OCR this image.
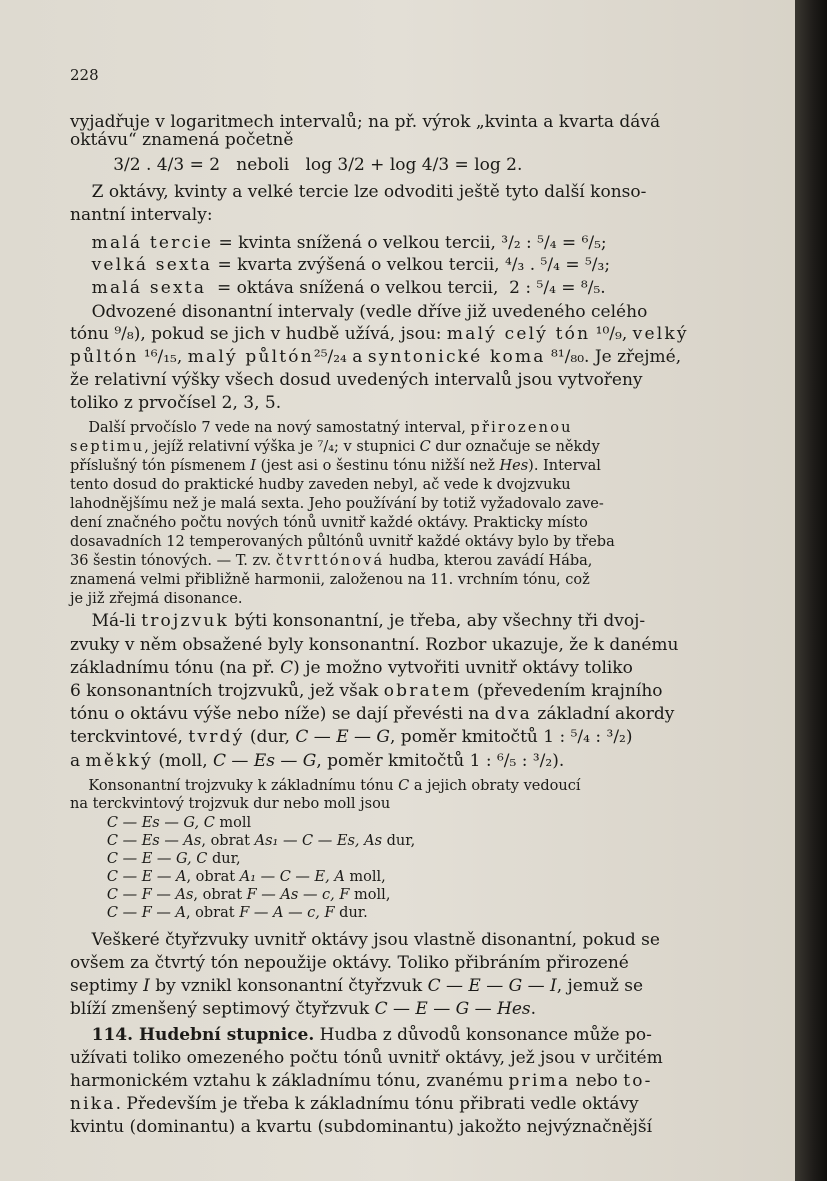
228
vyjadřuje v logaritmech intervalů; na př. výrok „kvinta a kvarta dává
oktávu“ znamená početně
3/2 . 4/3 = 2   neboli   log 3/2 + log 4/3 = log 2.
Z oktávy, kvinty a velké tercie lze odvoditi ještě tyto další konso-
nantní intervaly:
malá tercie = kvinta snížená o velkou tercii, ³/₂ : ⁵/₄ = ⁶/₅;
velká sexta = kvarta zvýšená o velkou tercii, ⁴/₃ . ⁵/₄ = ⁵/₃;
malá sexta  = oktáva snížená o velkou tercii,  2 : ⁵/₄ = ⁸/₅.
Odvozené disonantní intervaly (vedle dříve již uvedeného celého
tónu ⁹/₈), pokud se jich v hudbě užívá, jsou: malý celý tón ¹⁰/₉, velký
půltón ¹⁶/₁₅, malý půltón²⁵/₂₄ a syntonické koma ⁸¹/₈₀. Je zřejmé,
že relativní výšky všech dosud uvedených intervalů jsou vytvořeny
toliko z prvočísel 2, 3, 5.
Další prvočíslo 7 vede na nový samostatný interval, přirozenou
septimu, jejíž relativní výška je ⁷/₄; v stupnici C dur označuje se někdy
příslušný tón písmenem I (jest asi o šestinu tónu nižší než Hes). Interval
tento dosud do praktické hudby zaveden nebyl, ač vede k dvojzvuku
lahodnějšímu než je malá sexta. Jeho používání by totiž vyžadovalo zave-
dení značného počtu nových tónů uvnitř každé oktávy. Prakticky místo
dosavadních 12 temperovaných půltónů uvnitř každé oktávy bylo by třeba
36 šestin tónových. — T. zv. čtvrttónová hudba, kterou zavádí Hába,
znamená velmi přibližně harmonii, založenou na 11. vrchním tónu, což
je již zřejmá disonance.
Má-li trojzvuk býti konsonantní, je třeba, aby všechny tři dvoj-
zvuky v něm obsažené byly konsonantní. Rozbor ukazuje, že k danému
základnímu tónu (na př. C) je možno vytvořiti uvnitř oktávy toliko
6 konsonantních trojzvuků, jež však obratem (převedením krajního
tónu o oktávu výše nebo níže) se dají převésti na dva základní akordy
terckvintové, tvrdý (dur, C — E — G, poměr kmitočtů 1 : ⁵/₄ : ³/₂)
a měkký (moll, C — Es — G, poměr kmitočtů 1 : ⁶/₅ : ³/₂).
Konsonantní trojzvuky k základnímu tónu C a jejich obraty vedoucí
na terckvintový trojzvuk dur nebo moll jsou
C — Es — G, C moll
C — Es — As, obrat As₁ — C — Es, As dur,
C — E — G, C dur,
C — E — A, obrat A₁ — C — E, A moll,
C — F — As, obrat F — As — c, F moll,
C — F — A, obrat F — A — c, F dur.
Veškeré čtyřzvuky uvnitř oktávy jsou vlastně disonantní, pokud se
ovšem za čtvrtý tón nepoužije oktávy. Toliko přibráním přirozené
septimy I by vznikl konsonantní čtyřzvuk C — E — G — I, jemuž se
blíží zmenšený septimový čtyřzvuk C — E — G — Hes.
114. Hudební stupnice. Hudba z důvodů konsonance může po-
užívati toliko omezeného počtu tónů uvnitř oktávy, jež jsou v určitém
harmonickém vztahu k základnímu tónu, zvanému prima nebo to-
nika. Především je třeba k základnímu tónu přibrati vedle oktávy
kvintu (dominantu) a kvartu (subdominantu) jakožto nejvýznačnější
